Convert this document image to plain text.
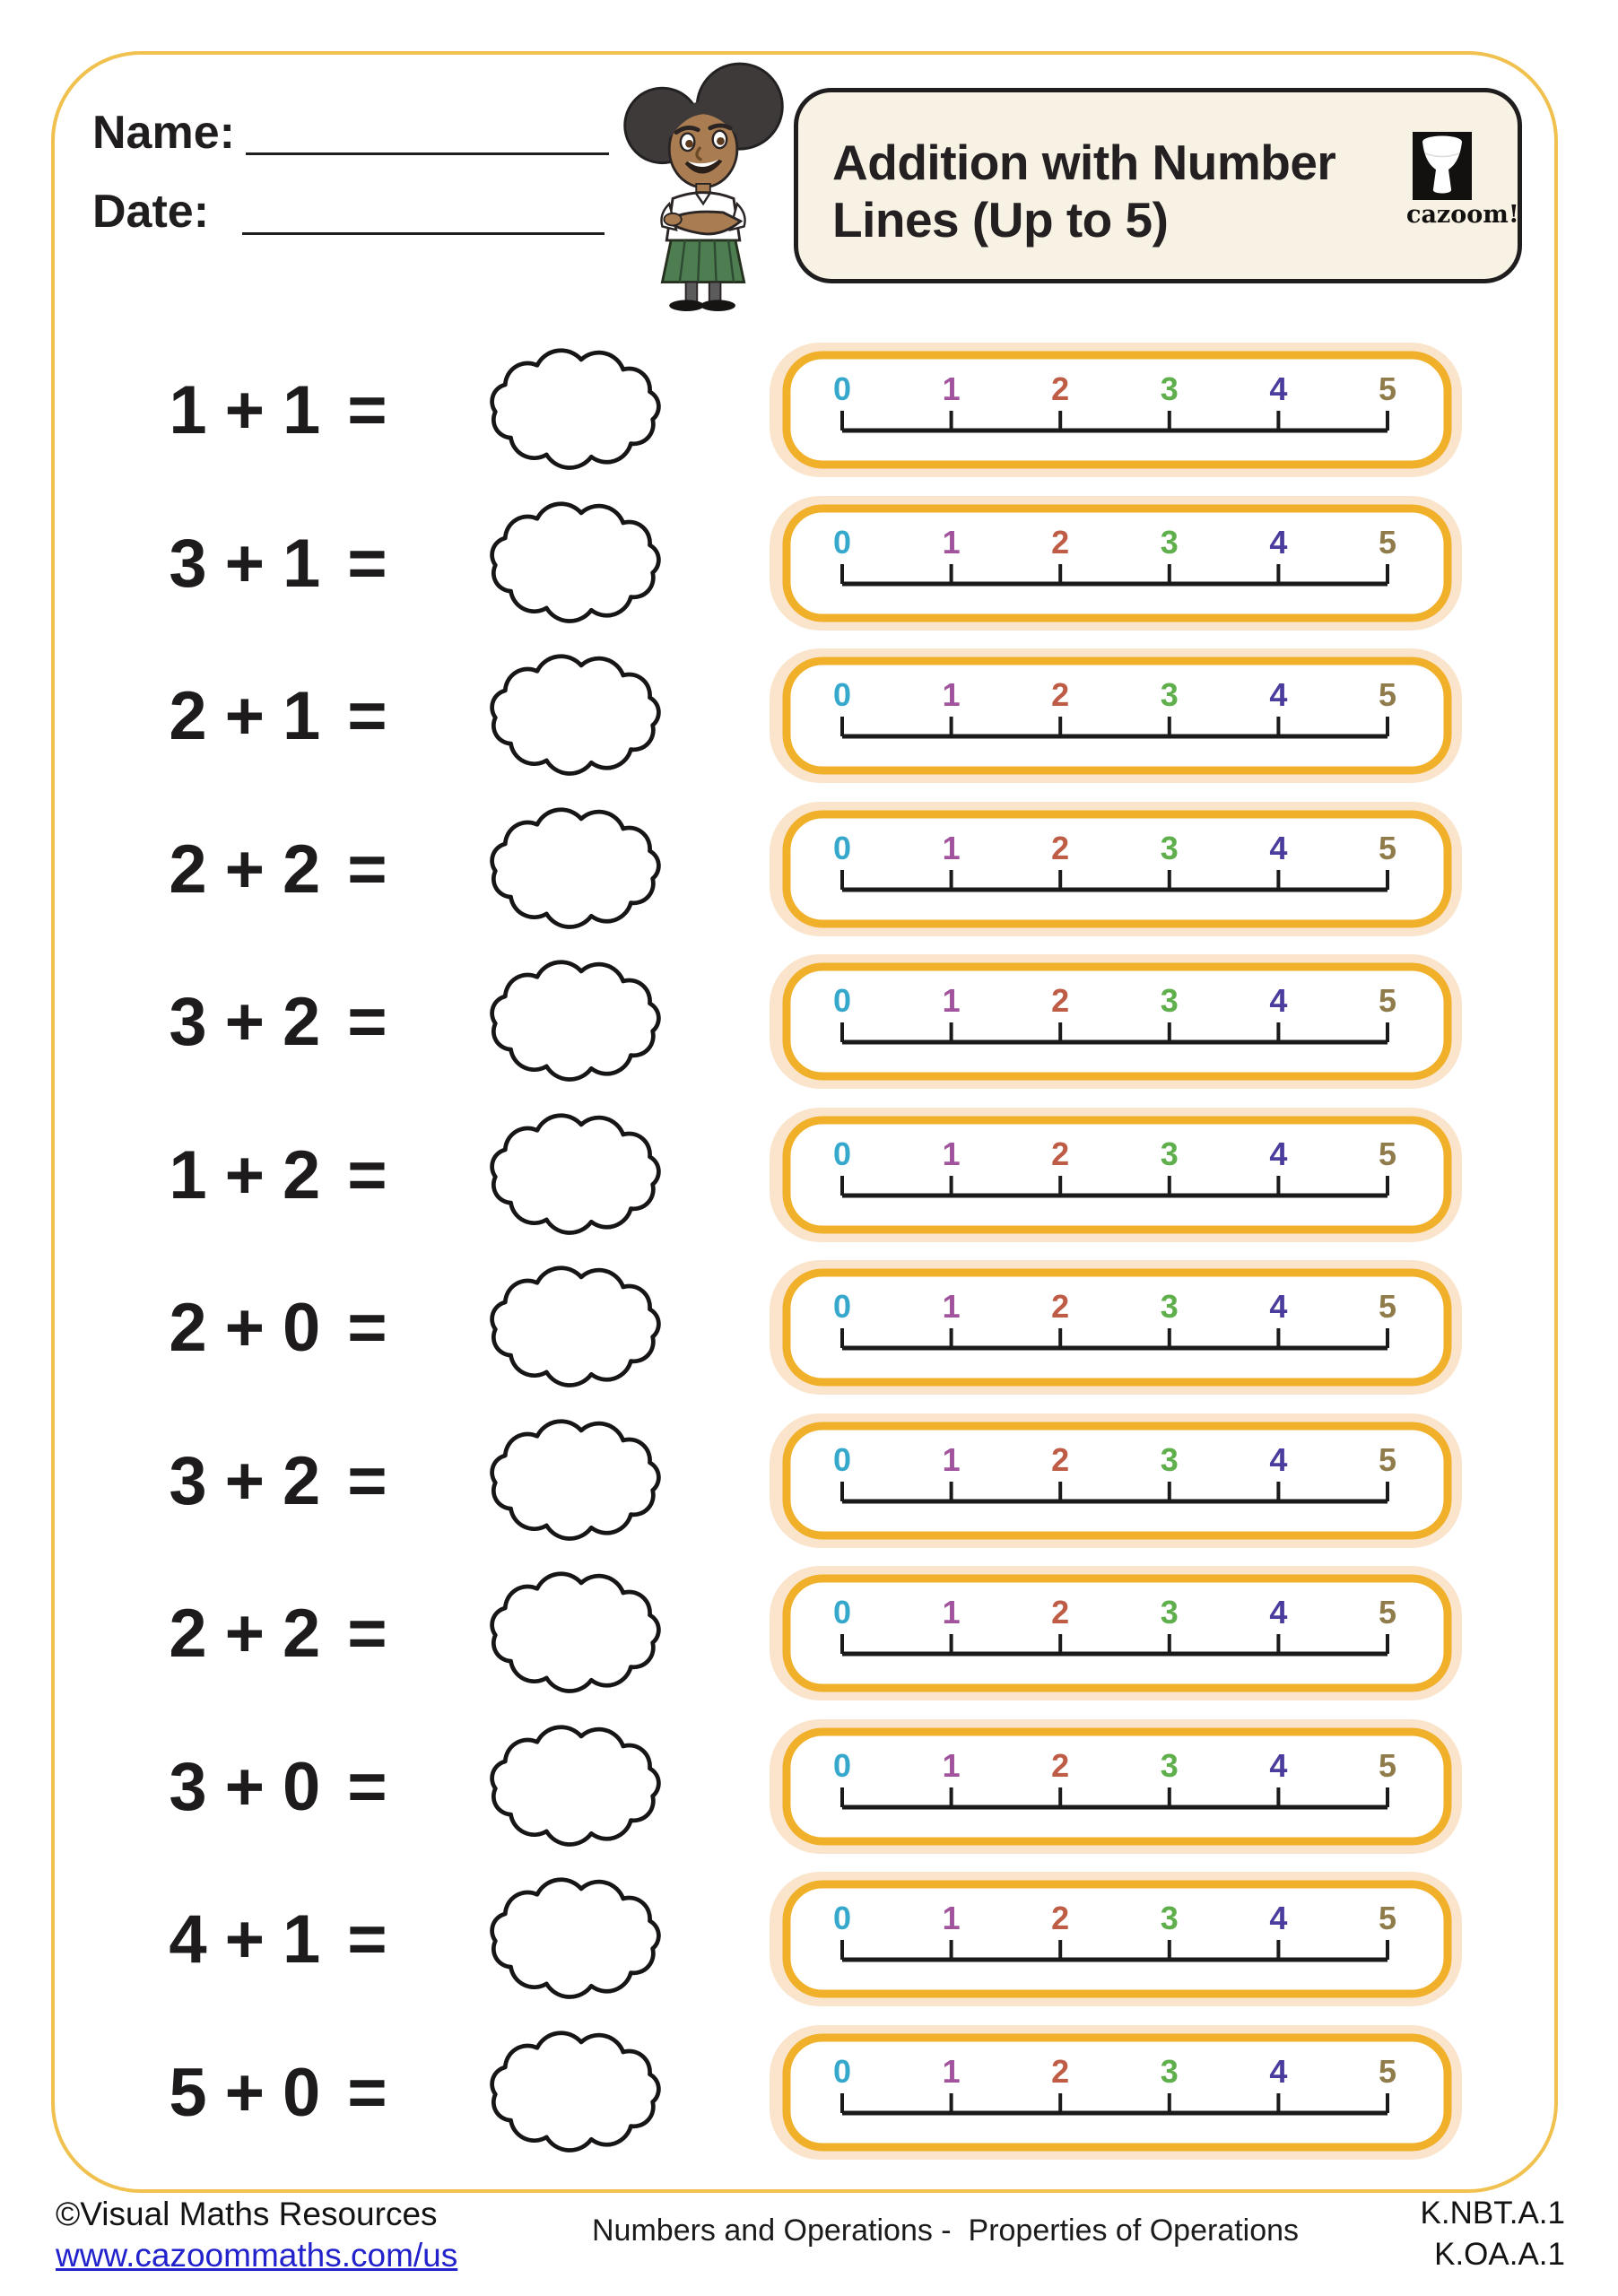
Name:
Date:
Addition with Number
Lines (Up to 5)	cazoom!
1 + 1 =	0	1	2	3	4	5
3 + 1 =	0	1	2	3	4	5
2 + 1 =	0	1	2	3	4	5
2 + 2 =	0	1	2	3	4	5
3 + 2 =	0	1	2	3	4	5
1 + 2 =	0	1	2	3	4	5
2 + 0 =	0	1	2	3	4	5
3 + 2 =	0	1	2	3	4	5
2 + 2 =	0	1	2	3	4	5
3 + 0 =	0	1	2	3	4	5
4 + 1 =	0	1	2	3	4	5
5 + 0 =	0	1	2	3	4	5
©Visual Maths Resources
www.cazoommaths.com/us
Numbers and Operations -  Properties of Operations	K.NBT.A.1
K.OA.A.1
